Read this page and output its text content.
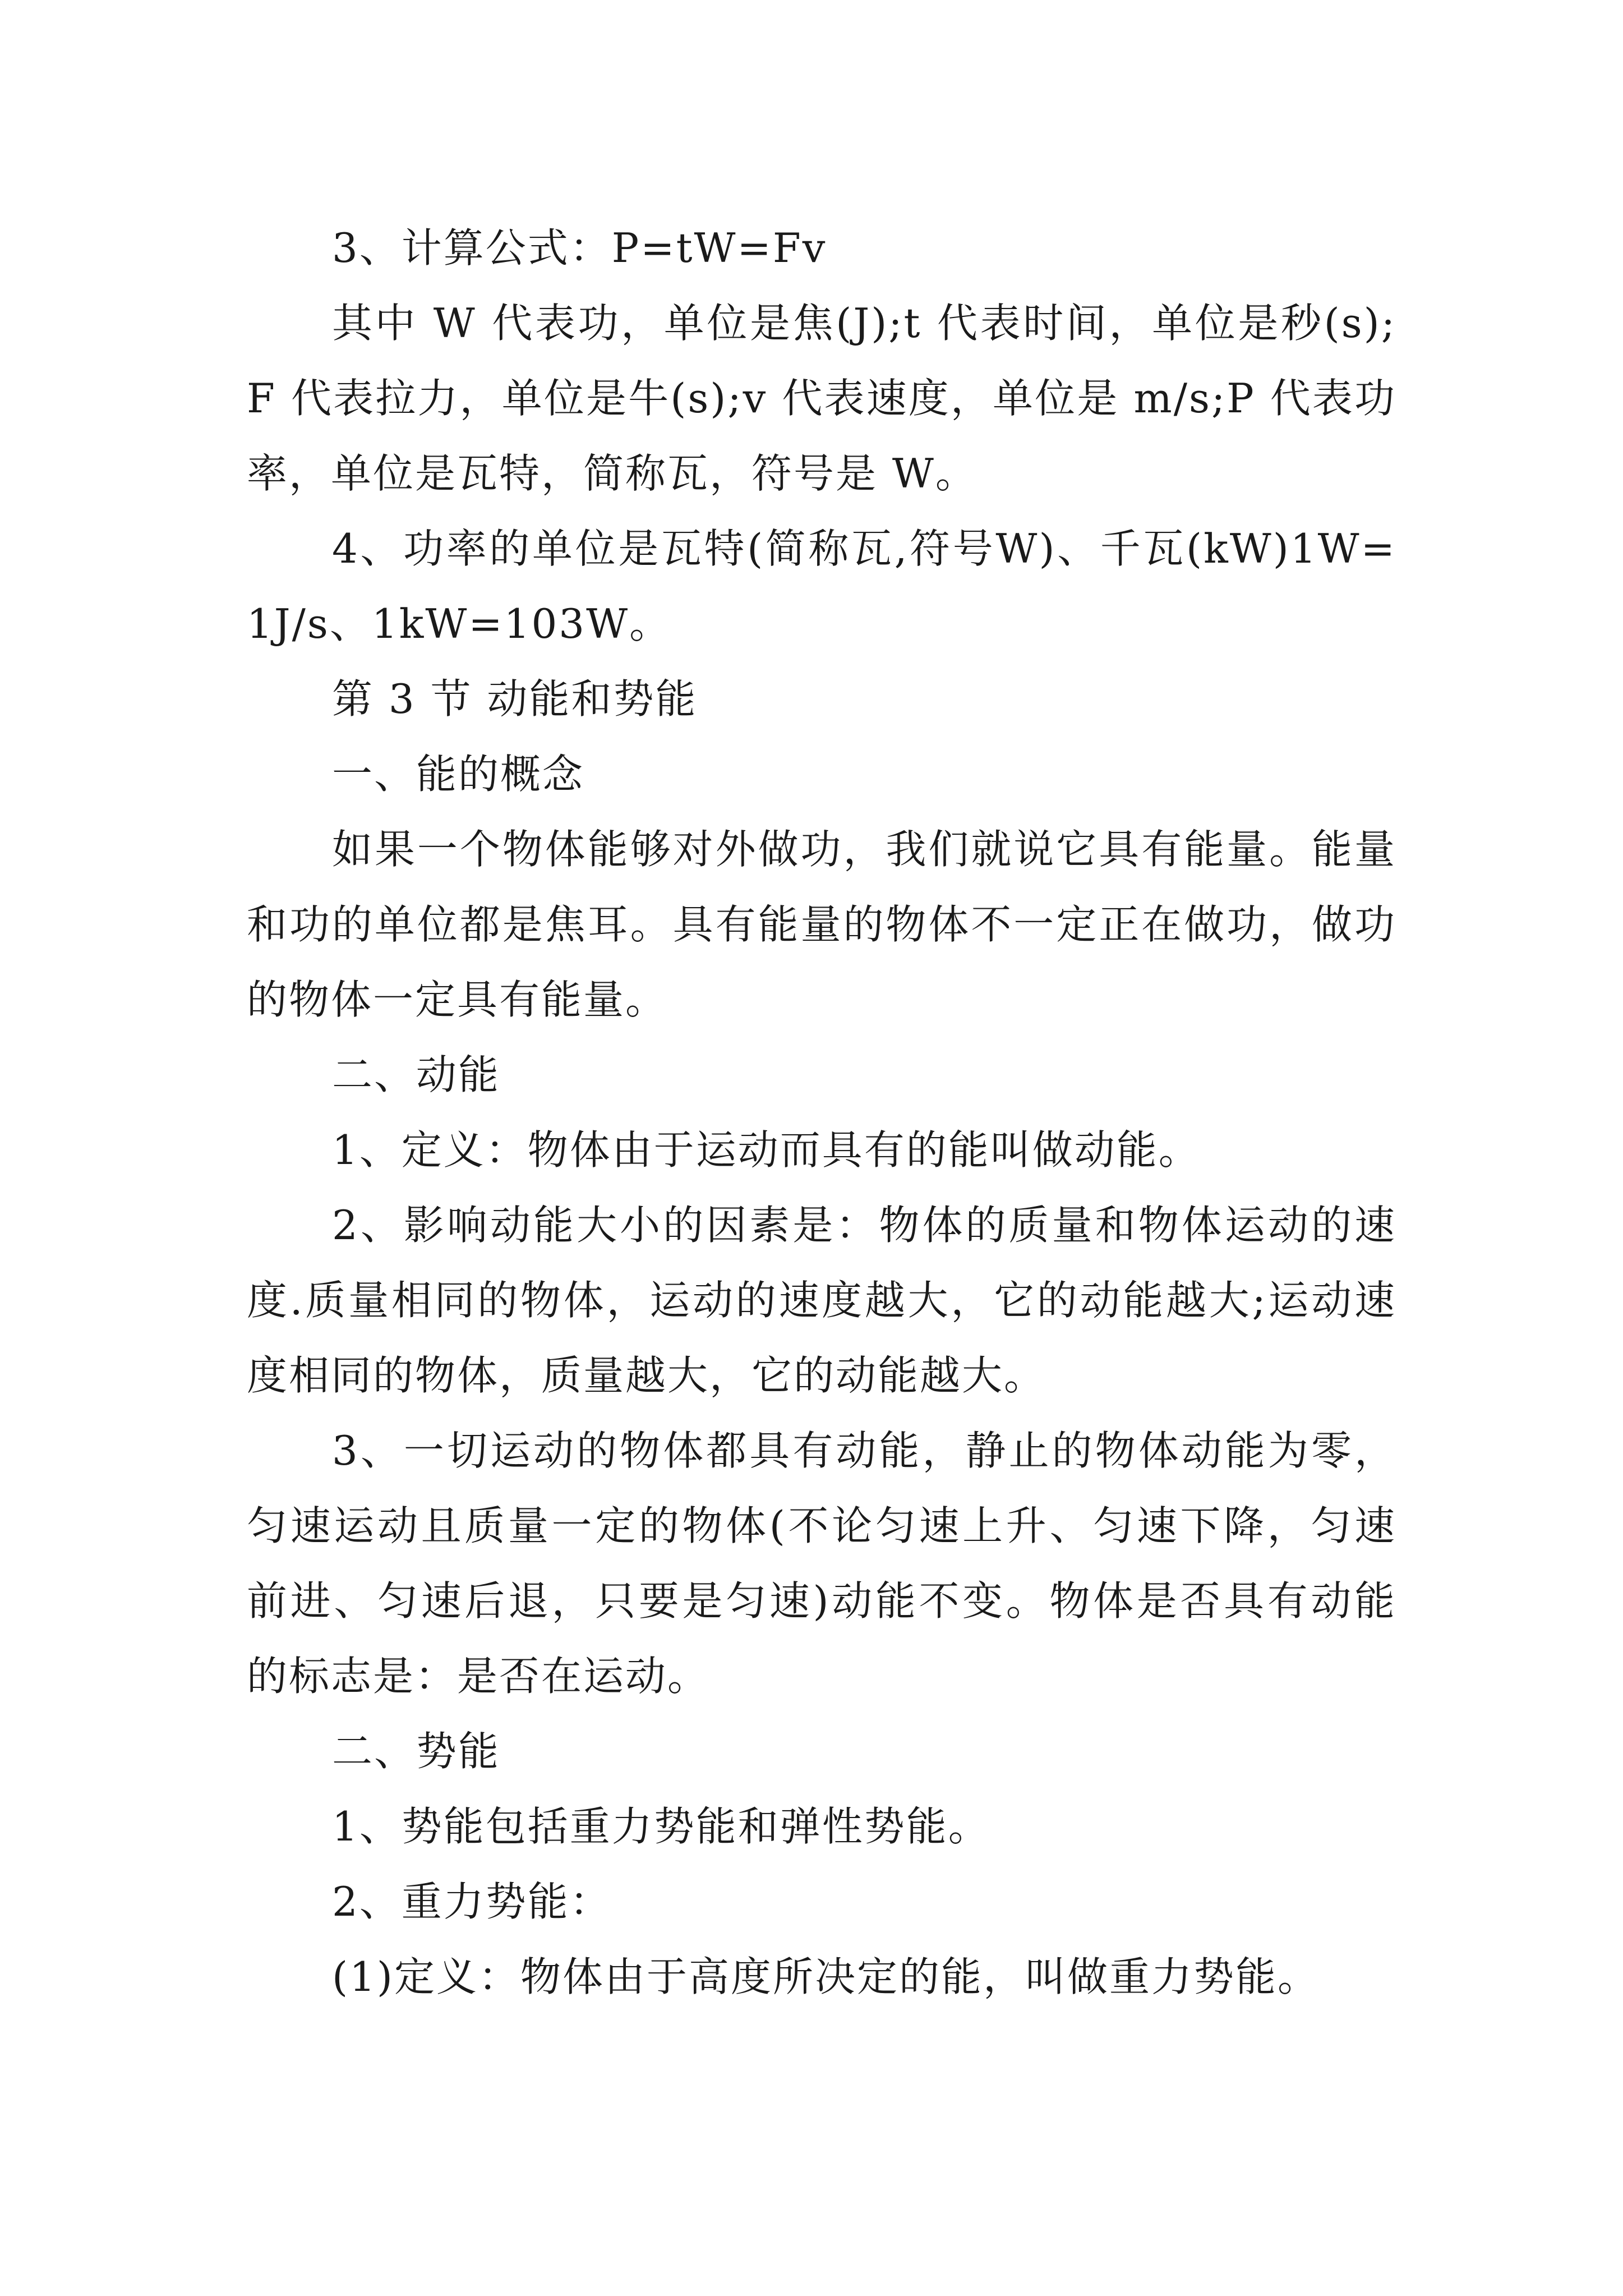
3、计算公式：P=tW=Fv

其中 W 代表功，单位是焦(J);t 代表时间，单位是秒(s);F 代表拉力，单位是牛(s);v 代表速度，单位是 m/s;P 代表功率，单位是瓦特，简称瓦，符号是 W。

4、功率的单位是瓦特(简称瓦,符号W)、千瓦(kW)1W=1J/s、1kW=103W。

第 3 节 动能和势能

一、能的概念

如果一个物体能够对外做功，我们就说它具有能量。能量和功的单位都是焦耳。具有能量的物体不一定正在做功，做功的物体一定具有能量。

二、动能

1、定义：物体由于运动而具有的能叫做动能。

2、影响动能大小的因素是：物体的质量和物体运动的速度.质量相同的物体，运动的速度越大，它的动能越大;运动速度相同的物体，质量越大，它的动能越大。

3、一切运动的物体都具有动能，静止的物体动能为零，匀速运动且质量一定的物体(不论匀速上升、匀速下降，匀速前进、匀速后退，只要是匀速)动能不变。物体是否具有动能的标志是：是否在运动。

二、势能

1、势能包括重力势能和弹性势能。

2、重力势能：

(1)定义：物体由于高度所决定的能，叫做重力势能。
